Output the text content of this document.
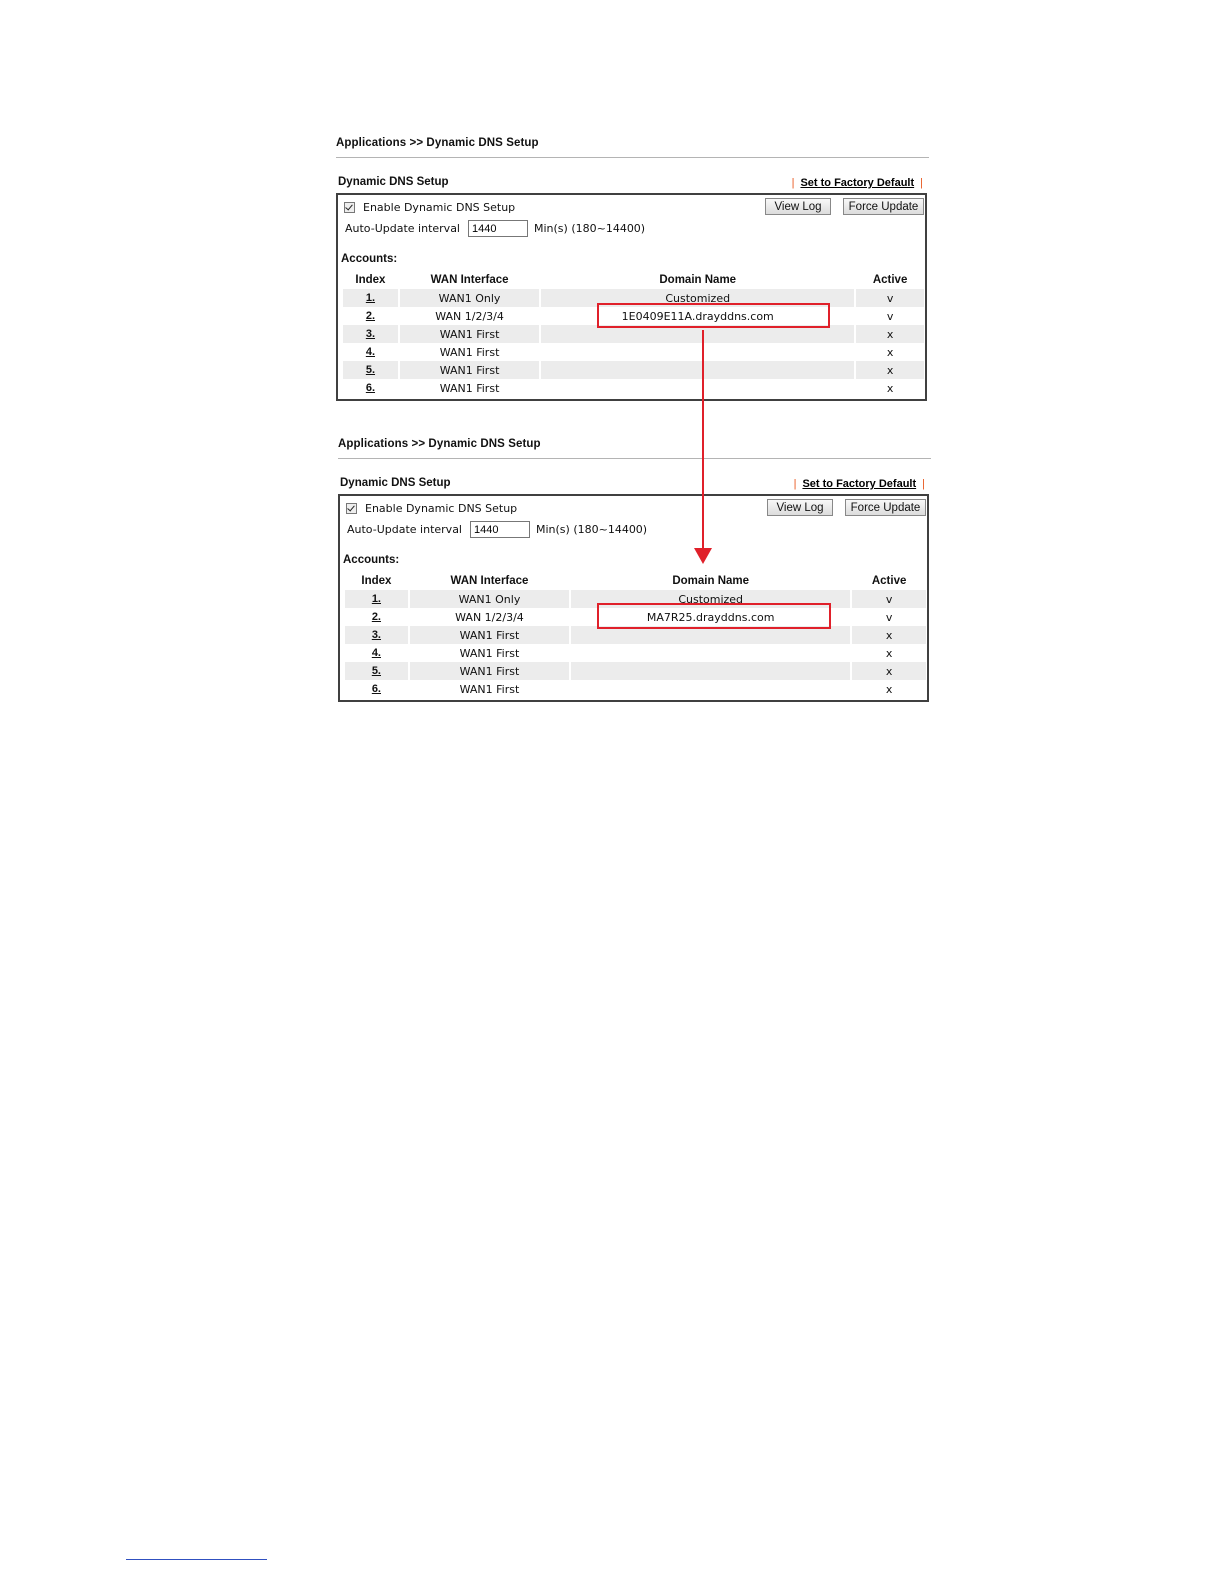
Applications >> Dynamic DNS Setup
Dynamic DNS Setup	| Set to Factory Default |
Enable Dynamic DNS Setup
Auto-Update interval
1440	Min(s) (180~14400)
View Log	Force Update
Accounts:
Index	WAN Interface	Domain Name	Active
1.	WAN1 Only	Customized	v
2.	WAN 1/2/3/4	1E0409E11A.drayddns.com	v
3.	WAN1 First		x
4.	WAN1 First		x
5.	WAN1 First		x
6.	WAN1 First		x
Applications >> Dynamic DNS Setup
Dynamic DNS Setup	| Set to Factory Default |
Enable Dynamic DNS Setup
Auto-Update interval
1440	Min(s) (180~14400)
View Log	Force Update
Accounts:
Index	WAN Interface	Domain Name	Active
1.	WAN1 Only	Customized	v
2.	WAN 1/2/3/4	MA7R25.drayddns.com	v
3.	WAN1 First		x
4.	WAN1 First		x
5.	WAN1 First		x
6.	WAN1 First		x
